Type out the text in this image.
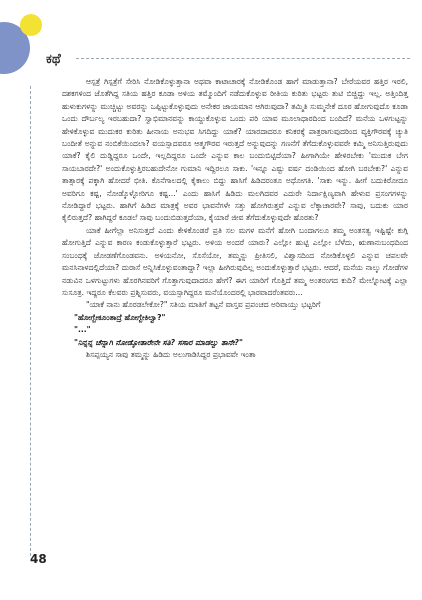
ಕಥೆ

ಆಸ್ಪತ್ರೆ ಗಿಸ್ಪತ್ರೆಗೆ ಸೇರಿಸಿ ನೋಡಿಕೊಳ್ಳುತ್ತಾನಾ ಅಥವಾ ಕಾಟಾಚಾರಕ್ಕೆ ನೋಡಿಕೊಂಡ ಹಾಗೆ ಮಾಡುತ್ತಾನಾ? ಬೇರೆಯವರ ಹತ್ತಿರ ಇರಲಿ, ದಶಕಗಳಿಂದ ಜೊತೆಗಿದ್ದ ಸತಿಯ ಹತ್ತಿರ ಕೂಡಾ ಅಳಿಯ ತಮ್ಮೊಂದಿಗೆ ನಡೆದುಕೊಳ್ಳುವ ರೀತಿಯ ಕುರಿತು ಭಟ್ಟರು ತುಟಿ ಬಿಚ್ಚಿದ್ದು ಇಲ್ಲ. ಅತ್ತಿಂದಿತ್ತ ಹುಳುಕುಗಳನ್ನು ಮುಚ್ಚಿಟ್ಟು ಅವರನ್ನು ಒಪ್ಪಿಟ್ಟುಕೊಳ್ಳುವುದು ಅನೇಕರ ಜಾಯಮಾನ ಆಗಿರುವುದಾ? ತಮ್ಮಿತಿ ಸುಮ್ಮನೇಕೆ ದೂರ ಹೋಗುವುದೊ ಕೂಡಾ ಒಂದು ದೌರ್ಬಲ್ಯ ಇರಬಹುದಾ? ಸ್ವಾಭಿಮಾನವನ್ನು ಕಾಯ್ದುಕೊಳ್ಳುವ ಒಂದು ಪರಿ ಯಾವ ಮೂಲಾಧಾರದಿಂದ ಬಂದಿದೆ? ಮನೆಯ ಒಳಗುಟ್ಟನ್ನು ಹೇಳಿಕೊಳ್ಳುವ ಮುದುಕರ ಕುರಿತು ಹೀನಾಯ ಅನುಭವ ಸಿಗದಿದ್ದು ಯಾಕೆ? ಯಾರದಾದರೂ ಕನಿಕರಕ್ಕೆ ಪಾತ್ರರಾಗುವುದರಿಂದ ವ್ಯಕ್ತಿಗೌರವಕ್ಕೆ ಚ್ಯುತಿ ಬಂದೀತೆ ಅನ್ನುವ ನಂಬಿಕೆಯಿಂದಲಾ? ವಯಸ್ಸಾದವರೂ ಆತ್ಮಗೌರವ ಇರುತ್ತದೆ ಅನ್ನುವುದನ್ನು ಗಣನೆಗೆ ತೆಗೆದುಕೊಳ್ಳುವವರೇ ಕಮ್ಮಿ ಅನಿಸುತ್ತಿರುವುದು ಯಾಕೆ? ಕೈಲಿ ದುಡ್ಡಿದ್ದರೂ ಒಂದೇ, ಇಲ್ಲದಿದ್ದರೂ ಒಂದೇ ಎನ್ನುವ ಕಾಲ ಬಂದುಬಿಟ್ಟಿದೆಯಾ? ಹೀಗಾಗಿಯೇ ಹೇಳಿರಬೇಕು 'ಮುದುಕ ಬೇಗ ಸಾಯಬಾರದೇ?' ಅಂದುಕೊಳ್ಳುತ್ತಿರಬಹುದೇನೋ ಗುಮಾನಿ ಇದ್ದಿರಲೂ ಸಾಕು. 'ಇನ್ನೂ ಎಷ್ಟು ವರ್ಷ ದಂಡಿಯಿಂದ ಹೋಗಿ ಬರಬೇಕು?' ಎನ್ನುವ ತಾತ್ಸಾರಕ್ಕೆ ಪಕ್ಕಾಗಿ ಹೋದರೆ ಭೀತಿ. ಕೊನೆಗಾಲದಲ್ಲಿ ಕೈಕಾಲು ಬಿದ್ದು ಹಾಸಿಗೆ ಹಿಡಿದರಂತೂ ಅಧೋಗತಿ. 'ಸಾಕು ಇನ್ನು. ಹೀಗೆ ಬದುಕಿರೋದೂ ಅವರಿಗೂ ಕಷ್ಟ, ನೋಡ್ಕೊಳ್ಳೋರಿಗೂ ಕಷ್ಟ...' ಎಂದು ಹಾಸಿಗೆ ಹಿಡಿದು ಮಲಗಿದವರ ಎದುರೇ ನಿರ್ದಾಕ್ಷಿಣ್ಯವಾಗಿ ಹೇಳುವ ಪ್ರಸಂಗಗಳನ್ನು ನೋಡಿದ್ದಾರೆ ಭಟ್ಟರು. ಹಾಗಿಗೆ ಹಿಡಿದ ಮಾತ್ರಕ್ಕೆ ಅವರ ಭಾವನೆಗಳೇ ಸತ್ತು ಹೋಗಿರುತ್ತವೆ ಎನ್ನುವ ಲೆಕ್ಕಾಚಾರವೇ? ಸಾವು, ಬದುಕು ಯಾರ ಕೈಲಿರುತ್ತದೆ? ಹಾಗಿದ್ದರೆ ಕೂಡಲೆ ಸಾವು ಬಂದುಬಿಡುತ್ತದೆಯಾ, ಕೈಯಾರೆ ಜೀವ ತೆಗೆದುಕೊಳ್ಳುವುದೇ ಹೊರತು?

ಯಾಕೆ ಹೀಗೆಲ್ಲಾ ಅನಿಸುತ್ತದೆ ಎಂದು ಕೇಳಿಕೊಂಡರೆ ಪ್ರತಿ ಸಲ ಮಗಳ ಮನೆಗೆ ಹೋಗಿ ಬಂದಾಗಲೂ ತಮ್ಮ ಅಂತಸತ್ವ ಇಷ್ಟಿಷ್ಟೇ ಕುಗ್ಗಿ ಹೋಗುತ್ತಿದೆ ಎನ್ನುವ ಕಾರಣ ಕಂಡುಕೊಳ್ಳುತ್ತಾರೆ ಭಟ್ಟರು. ಅಳಿಯ ಅಂದರೆ ಯಾರು? ಎಲ್ಲೋ ಹುಟ್ಟಿ ಎಲ್ಲೋ ಬೆಳೆದು, ಋಣಾನುಬಂಧದಿಂದ ಸಂಬಂಧಕ್ಕೆ ಜೋಡಣೆಗೊಂಡವನು. ಅಳಿಯನೋ, ಸೊಸೆಯೋ, ತಮ್ಮನ್ನು ಪ್ರೀತಿಸಲಿ, ವಿಶ್ವಾಸದಿಂದ ನೋಡಿಕೊಳ್ಳಲಿ ಎನ್ನುವ ಚಪಲವೇ ಮನಸಿನಾಳದಲ್ಲಿದೆಯಾ? ದುರಾಸೆ ಅನ್ನಿಸಿಕೊಳ್ಳುವಂತಾದ್ದಾ? ಇಲ್ಲಾ ಹೀಗಿರುವುದಿಲ್ಲ ಅಂದುಕೊಳ್ಳುತ್ತಾರೆ ಭಟ್ಟರು. ಆದರೆ, ಮನೆಯ ನಾಲ್ಕು ಗೋಡೆಗಳ ನಡುವಿನ ಒಳಗುಟ್ಟುಗಳು ಹೊರಗಿನವರಿಗೆ ಗೊತ್ತಾಗುವುದಾದರೂ ಹೇಗೆ? ಈಗ ಯಾರಿಗೆ ಗೊತ್ತಿದೆ ತಮ್ಮ ಅಂತರಂಗದ ಕುದಿ? ಮೇಲ್ನೋಟಕ್ಕೆ ಎಲ್ಲಾ ಸುಸೂತ್ರ. ಇದ್ದರೂ ಕೆಲವರು ಪ್ರಶ್ನಿಸುವರು, ವಯಸ್ಸಾಗಿದ್ದರೂ ಮನೆಯೊಂದರಲ್ಲಿ ಭಾರವಾದರೆಂತವರು...

"ಯಾಕೆ ನಾನು ಹೊರಡಲೇಕೋ?" ಸತಿಯ ಮಾತಿಗೆ ತಟ್ಟನೆ ವಾಸ್ತವ ಪ್ರಪಂಚದ ಅರಿವಾಯ್ತು ಭಟ್ಟರಿಗೆ

"ಹೋಗ್ಬೇಕೂಂತಾದ್ರೆ ಹೋಗ್ಬೇಕಿಲ್ವಾ?"

"..."

"ನಿನ್ನನ್ನ ಚೆನ್ನಾಗಿ ನೋಡ್ಕೋತಾರೇನೇ ಸತಿ? ಸಸಾರ ಮಾಡಲ್ವು ತಾನೇ?"

ಶಿಸಪ್ಪಯ್ಯನ ಸಾವು ತಮ್ಮನ್ನು ಹಿಡಿದು ಅಲುಗಾಡಿಸಿದ್ದರ ಪ್ರಭಾವವೇ ಇಂತಾ

48
